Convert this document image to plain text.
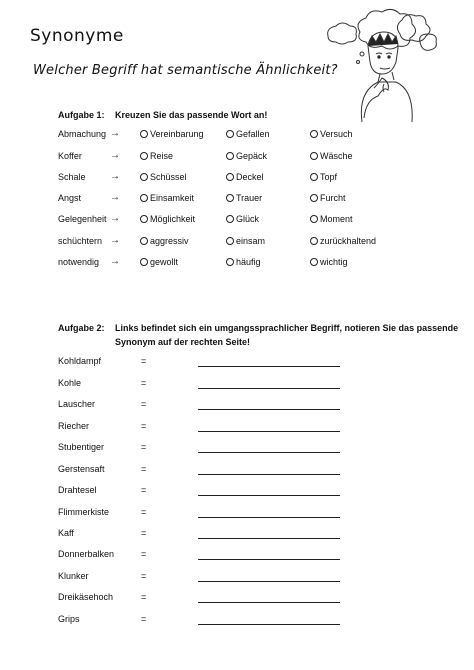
Synonyme
Welcher Begriff hat semantische Ähnlichkeit?
Aufgabe 1: Kreuzen Sie das passende Wort an!
Abmachung →	Vereinbarung	Gefallen	Versuch
Koffer	→	Reise	Gepäck	Wäsche
Schale →	Schüssel	Deckel	Topf
Angst	→	Einsamkeit	Trauer	Furcht
Gelegenheit →	Möglichkeit	Glück	Moment
schüchtern →	aggressiv	einsam	zurückhaltend
notwendig →	gewollt	häufig	wichtig
Aufgabe 2: Links befindet sich ein umgangssprachlicher Begriff, notieren Sie das passende
Synonym auf der rechten Seite!
Kohldampf	=
Kohle	=
Lauscher	=
Riecher	=
Stubentiger	=
Gerstensaft	=
Drahtesel	=
Flimmerkiste	=
Kaff	=
Donnerbalken	=
Klunker	=
Dreikäsehoch	=
Grips	=
